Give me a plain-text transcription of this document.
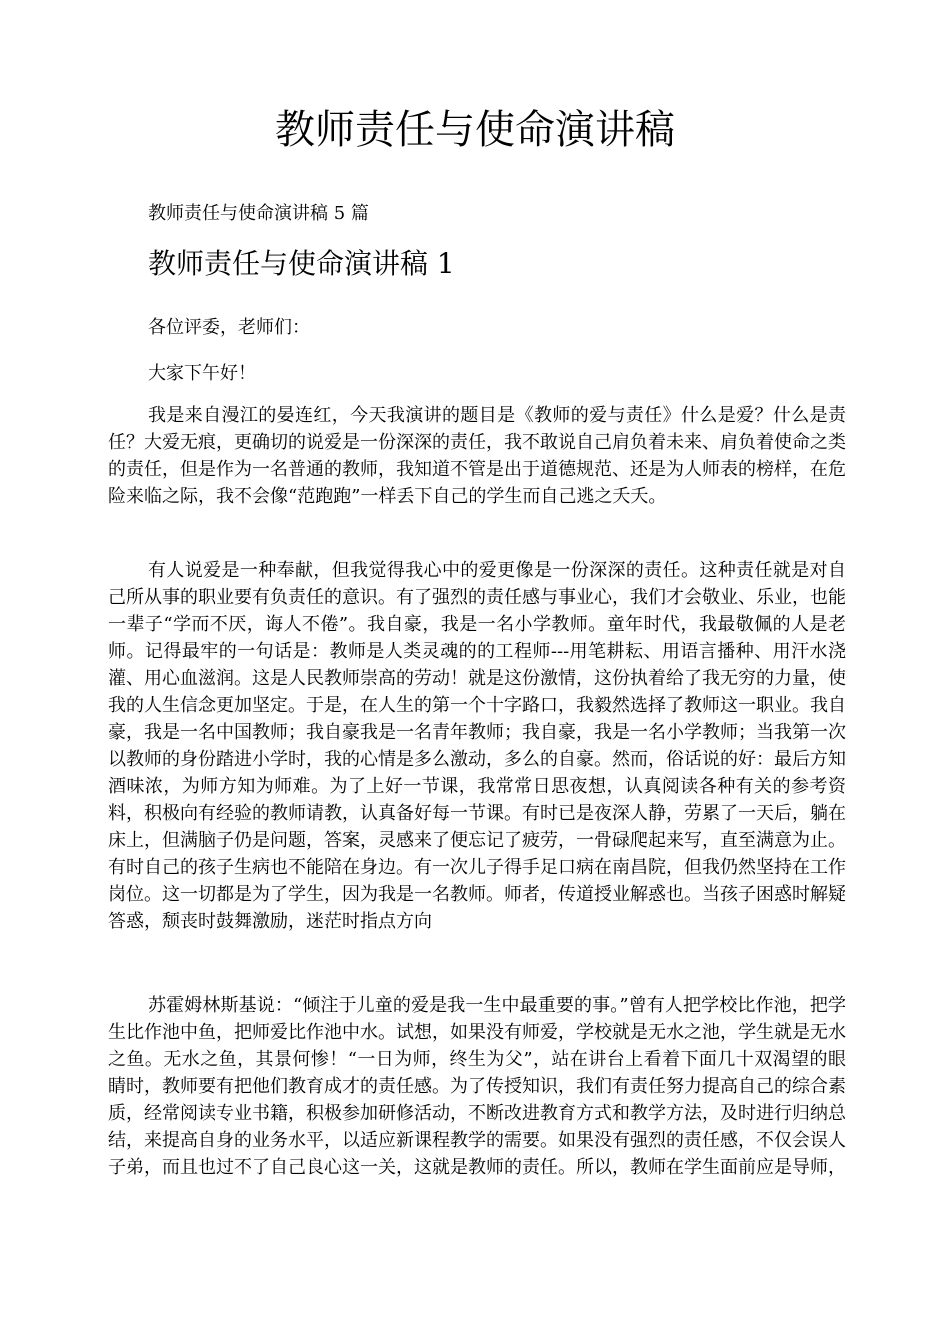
教师责任与使命演讲稿

教师责任与使命演讲稿 5 篇

教师责任与使命演讲稿 1

各位评委，老师们：

大家下午好！

我是来自漫江的晏连红，今天我演讲的题目是《教师的爱与责任》什么是爱？什么是责任？大爱无痕，更确切的说爱是一份深深的责任，我不敢说自己肩负着未来、肩负着使命之类的责任，但是作为一名普通的教师，我知道不管是出于道德规范、还是为人师表的榜样，在危险来临之际，我不会像“范跑跑”一样丢下自己的学生而自己逃之夭夭。

有人说爱是一种奉献，但我觉得我心中的爱更像是一份深深的责任。这种责任就是对自己所从事的职业要有负责任的意识。有了强烈的责任感与事业心，我们才会敬业、乐业，也能一辈子“学而不厌，诲人不倦”。我自豪，我是一名小学教师。童年时代，我最敬佩的人是老师。记得最牢的一句话是：教师是人类灵魂的的工程师---用笔耕耘、用语言播种、用汗水浇灌、用心血滋润。这是人民教师崇高的劳动！就是这份激情，这份执着给了我无穷的力量，使我的人生信念更加坚定。于是，在人生的第一个十字路口，我毅然选择了教师这一职业。我自豪，我是一名中国教师；我自豪我是一名青年教师；我自豪，我是一名小学教师；当我第一次以教师的身份踏进小学时，我的心情是多么激动，多么的自豪。然而，俗话说的好：最后方知酒味浓，为师方知为师难。为了上好一节课，我常常日思夜想，认真阅读各种有关的参考资料，积极向有经验的教师请教，认真备好每一节课。有时已是夜深人静，劳累了一天后，躺在床上，但满脑子仍是问题，答案，灵感来了便忘记了疲劳，一骨碌爬起来写，直至满意为止。有时自己的孩子生病也不能陪在身边。有一次儿子得手足口病在南昌院，但我仍然坚持在工作岗位。这一切都是为了学生，因为我是一名教师。师者，传道授业解惑也。当孩子困惑时解疑答惑，颓丧时鼓舞激励，迷茫时指点方向

苏霍姆林斯基说：“倾注于儿童的爱是我一生中最重要的事。”曾有人把学校比作池，把学生比作池中鱼，把师爱比作池中水。试想，如果没有师爱，学校就是无水之池，学生就是无水之鱼。无水之鱼，其景何惨！“一日为师，终生为父”，站在讲台上看着下面几十双渴望的眼睛时，教师要有把他们教育成才的责任感。为了传授知识，我们有责任努力提高自己的综合素质，经常阅读专业书籍，积极参加研修活动，不断改进教育方式和教学方法，及时进行归纳总结，来提高自身的业务水平，以适应新课程教学的需要。如果没有强烈的责任感，不仅会误人子弟，而且也过不了自己良心这一关，这就是教师的责任。所以，教师在学生面前应是导师，
